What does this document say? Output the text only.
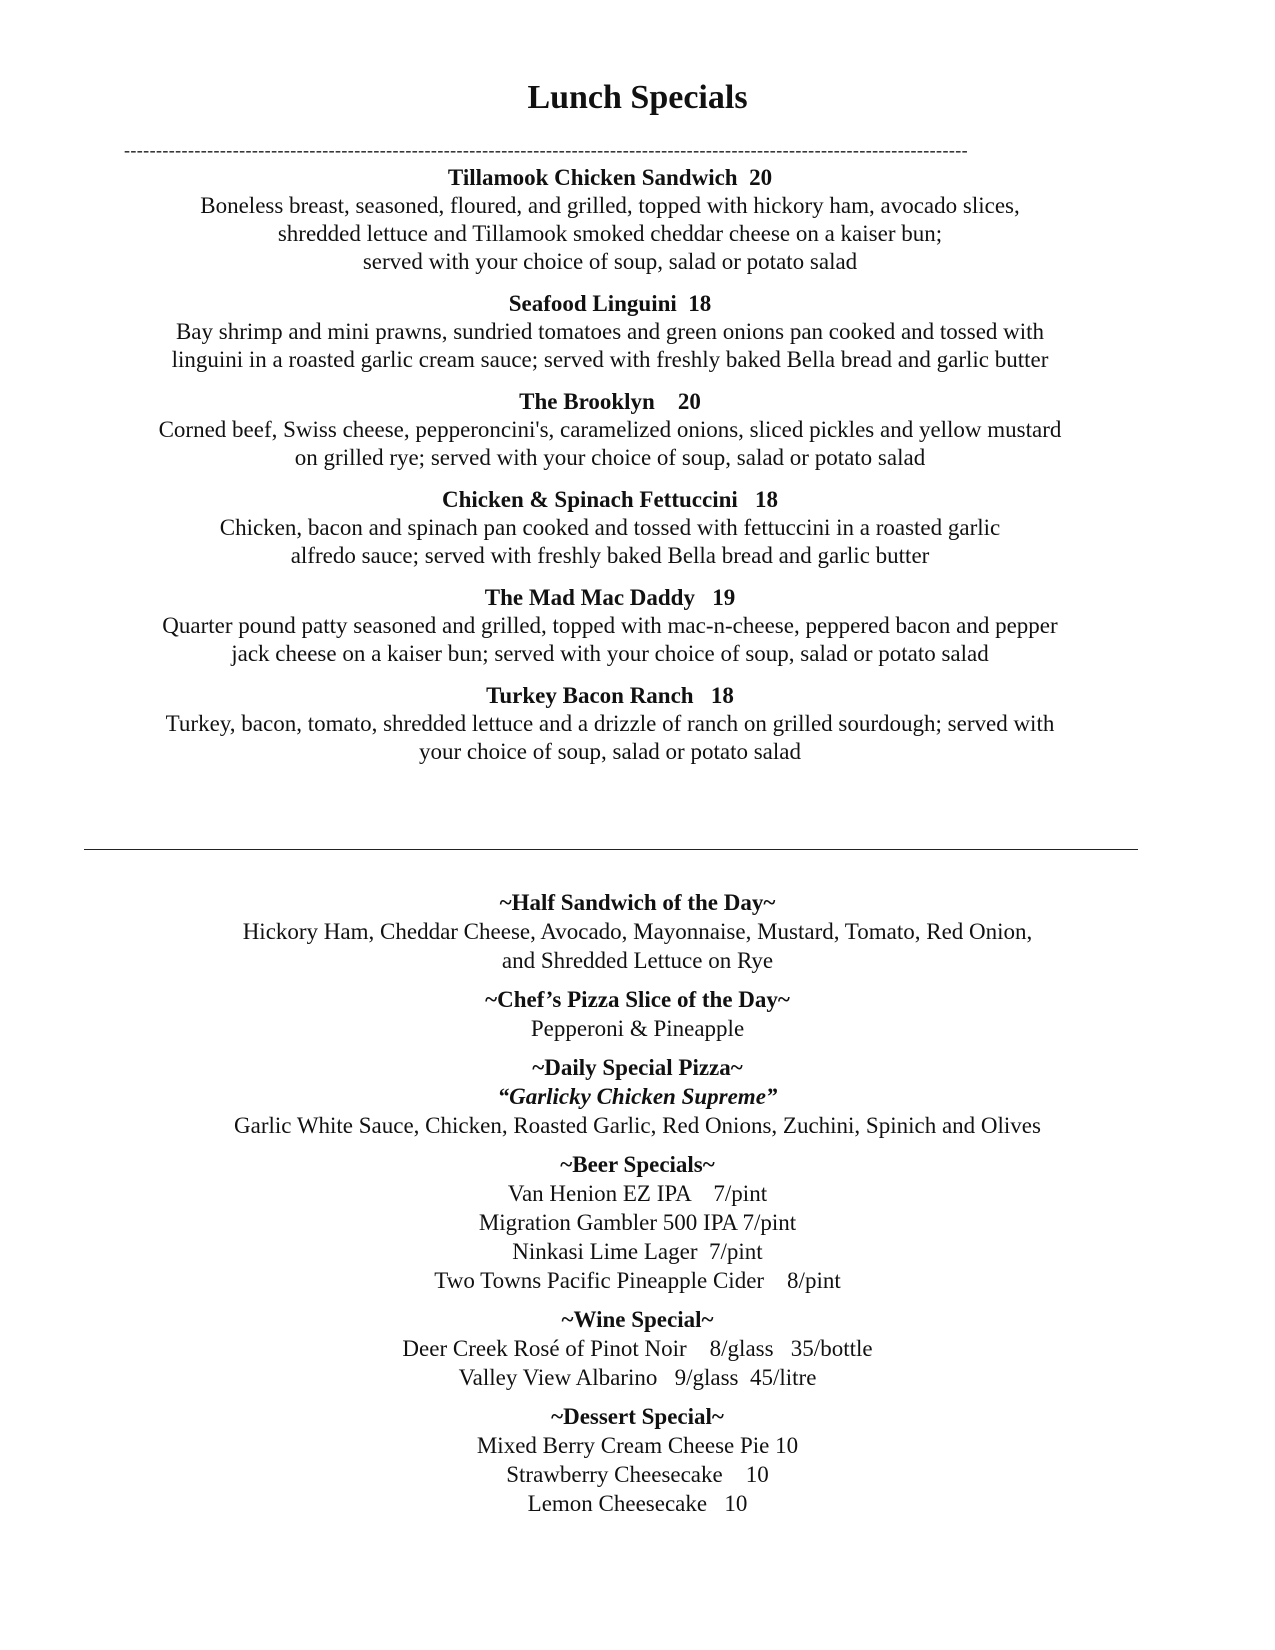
Lunch Specials
------------------------------------------------------------------------------------------------------------------------------------
Tillamook Chicken Sandwich  20
Boneless breast, seasoned, floured, and grilled, topped with hickory ham, avocado slices,
shredded lettuce and Tillamook smoked cheddar cheese on a kaiser bun;
served with your choice of soup, salad or potato salad
Seafood Linguini  18
Bay shrimp and mini prawns, sundried tomatoes and green onions pan cooked and tossed with
linguini in a roasted garlic cream sauce; served with freshly baked Bella bread and garlic butter
The Brooklyn    20
Corned beef, Swiss cheese, pepperoncini's, caramelized onions, sliced pickles and yellow mustard
on grilled rye; served with your choice of soup, salad or potato salad
Chicken & Spinach Fettuccini   18
Chicken, bacon and spinach pan cooked and tossed with fettuccini in a roasted garlic
alfredo sauce; served with freshly baked Bella bread and garlic butter
The Mad Mac Daddy   19
Quarter pound patty seasoned and grilled, topped with mac-n-cheese, peppered bacon and pepper
jack cheese on a kaiser bun; served with your choice of soup, salad or potato salad
Turkey Bacon Ranch   18
Turkey, bacon, tomato, shredded lettuce and a drizzle of ranch on grilled sourdough; served with
your choice of soup, salad or potato salad
~Half Sandwich of the Day~
Hickory Ham, Cheddar Cheese, Avocado, Mayonnaise, Mustard, Tomato, Red Onion,
and Shredded Lettuce on Rye
~Chef’s Pizza Slice of the Day~
Pepperoni & Pineapple
~Daily Special Pizza~
“Garlicky Chicken Supreme”
Garlic White Sauce, Chicken, Roasted Garlic, Red Onions, Zuchini, Spinich and Olives
~Beer Specials~
Van Henion EZ IPA    7/pint
Migration Gambler 500 IPA 7/pint
Ninkasi Lime Lager  7/pint
Two Towns Pacific Pineapple Cider    8/pint
~Wine Special~
Deer Creek Rosé of Pinot Noir    8/glass   35/bottle
Valley View Albarino   9/glass  45/litre
~Dessert Special~
Mixed Berry Cream Cheese Pie 10
Strawberry Cheesecake    10
Lemon Cheesecake   10
